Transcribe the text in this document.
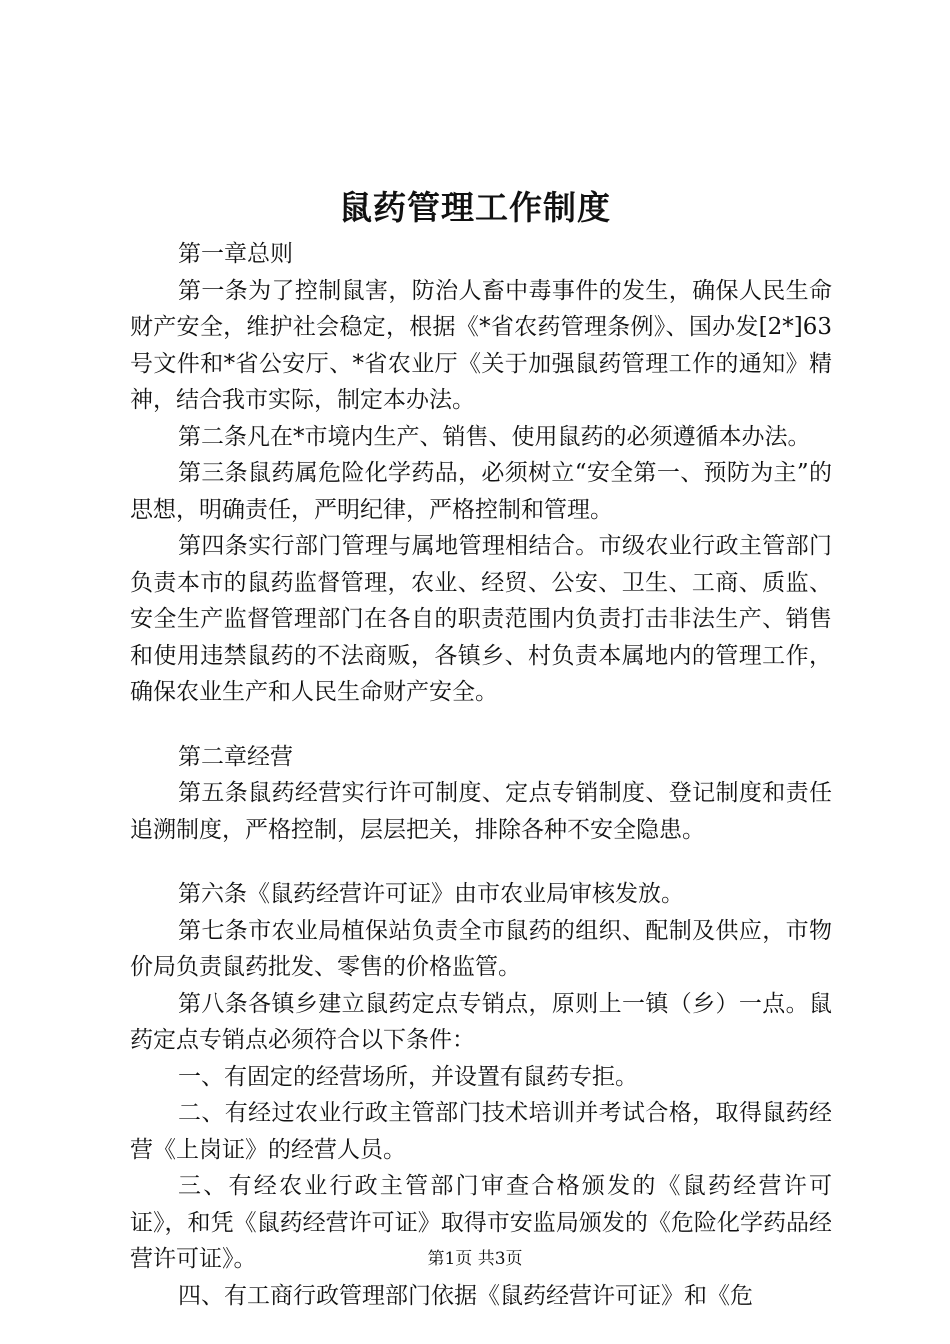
鼠药管理工作制度

第一章总则

第一条为了控制鼠害，防治人畜中毒事件的发生，确保人民生命财产安全，维护社会稳定，根据《*省农药管理条例》、国办发[2*]63号文件和*省公安厅、*省农业厅《关于加强鼠药管理工作的通知》精神，结合我市实际，制定本办法。

第二条凡在*市境内生产、销售、使用鼠药的必须遵循本办法。

第三条鼠药属危险化学药品，必须树立“安全第一、预防为主”的思想，明确责任，严明纪律，严格控制和管理。

第四条实行部门管理与属地管理相结合。市级农业行政主管部门负责本市的鼠药监督管理，农业、经贸、公安、卫生、工商、质监、安全生产监督管理部门在各自的职责范围内负责打击非法生产、销售和使用违禁鼠药的不法商贩，各镇乡、村负责本属地内的管理工作，确保农业生产和人民生命财产安全。

第二章经营

第五条鼠药经营实行许可制度、定点专销制度、登记制度和责任追溯制度，严格控制，层层把关，排除各种不安全隐患。

第六条《鼠药经营许可证》由市农业局审核发放。

第七条市农业局植保站负责全市鼠药的组织、配制及供应，市物价局负责鼠药批发、零售的价格监管。

第八条各镇乡建立鼠药定点专销点，原则上一镇（乡）一点。鼠药定点专销点必须符合以下条件：

一、有固定的经营场所，并设置有鼠药专拒。

二、有经过农业行政主管部门技术培训并考试合格，取得鼠药经营《上岗证》的经营人员。

三、有经农业行政主管部门审查合格颁发的《鼠药经营许可证》，和凭《鼠药经营许可证》取得市安监局颁发的《危险化学药品经营许可证》。

四、有工商行政管理部门依据《鼠药经营许可证》和《危

第1页 共3页
